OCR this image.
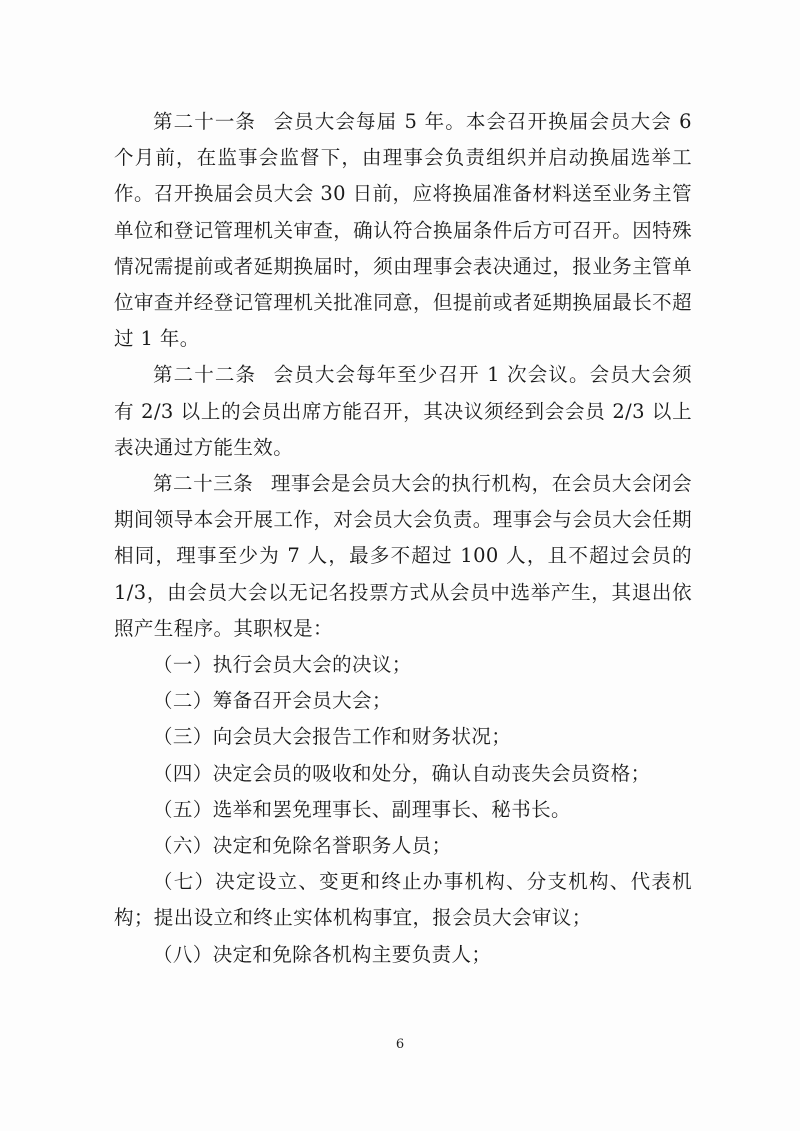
第二十一条 会员大会每届 5 年。本会召开换届会员大会 6 个月前，在监事会监督下，由理事会负责组织并启动换届选举工作。召开换届会员大会 30 日前，应将换届准备材料送至业务主管单位和登记管理机关审查，确认符合换届条件后方可召开。因特殊情况需提前或者延期换届时，须由理事会表决通过，报业务主管单位审查并经登记管理机关批准同意，但提前或者延期换届最长不超过 1 年。

第二十二条 会员大会每年至少召开 1 次会议。会员大会须有 2/3 以上的会员出席方能召开，其决议须经到会会员 2/3 以上表决通过方能生效。

第二十三条 理事会是会员大会的执行机构，在会员大会闭会期间领导本会开展工作，对会员大会负责。理事会与会员大会任期相同，理事至少为 7 人，最多不超过 100 人，且不超过会员的 1/3，由会员大会以无记名投票方式从会员中选举产生，其退出依照产生程序。其职权是：

（一）执行会员大会的决议；

（二）筹备召开会员大会；

（三）向会员大会报告工作和财务状况；

（四）决定会员的吸收和处分，确认自动丧失会员资格；

（五）选举和罢免理事长、副理事长、秘书长。

（六）决定和免除名誉职务人员；

（七）决定设立、变更和终止办事机构、分支机构、代表机构；提出设立和终止实体机构事宜，报会员大会审议；

（八）决定和免除各机构主要负责人；

6
